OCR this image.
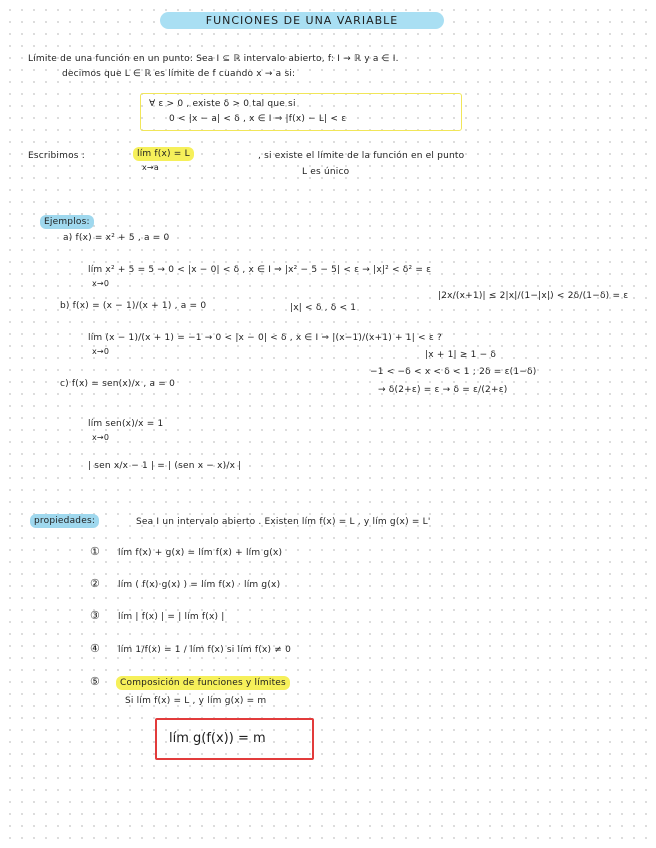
FUNCIONES DE UNA VARIABLE
Límite de una función en un punto: Sea I ⊆ ℝ intervalo abierto, f: I → ℝ y a ∈ I.
decimos que L ∈ ℝ es límite de f cuando x → a si:
∀ ε > 0 , existe δ > 0 tal que si
0 < |x − a| < δ , x ∈ I ⇒ |f(x) − L| < ε
Escribimos :	lím f(x) = L
x→a
, si existe el límite de la función en el punto
L es único
Ejemplos:
a) f(x) = x² + 5 , a = 0
lím x² + 5 = 5 → 0 < |x − 0| < δ , x ∈ I ⇒ |x² − 5 − 5| < ε → |x|² < δ² = ε
x→0
|x| < δ , δ < 1
|2x/(x+1)| ≤ 2|x|/(1−|x|) < 2δ/(1−δ) = ε
b) f(x) = (x − 1)/(x + 1) , a = 0
lím (x − 1)/(x + 1) = −1 → 0 < |x − 0| < δ , x ∈ I ⇒ |(x−1)/(x+1) + 1| < ε ?
x→0	|x + 1| ≥ 1 − δ
−1 < −δ < x < δ < 1 ; 2δ = ε(1−δ)
→ δ(2+ε) = ε → δ = ε/(2+ε)
c) f(x) = sen(x)/x , a = 0
lím sen(x)/x = 1
x→0
| sen x/x − 1 | = | (sen x − x)/x |
propiedades:	Sea I un intervalo abierto . Existen lím f(x) = L , y lím g(x) = L'
① lím f(x) + g(x) = lím f(x) + lím g(x)
② lím ( f(x)·g(x) ) = lím f(x) · lím g(x)
③ lím | f(x) | = | lím f(x) |
④ lím 1/f(x) = 1 / lím f(x) si lím f(x) ≠ 0
⑤	Composición de funciones y límites
Si lím f(x) = L , y lím g(x) = m
lím g(f(x)) = m
